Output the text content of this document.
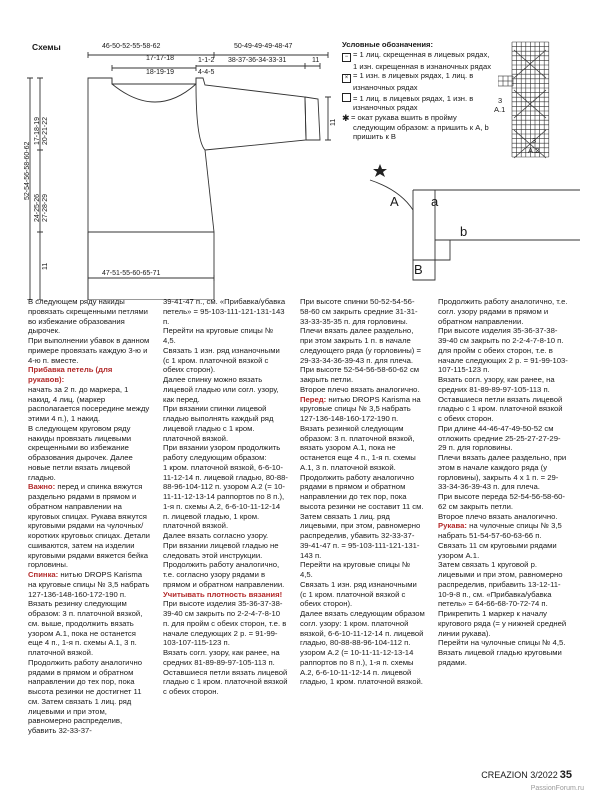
Схемы	46-50-52-55-58-62	50-49-49-49-48-47
17-17-18
18-19-19
1-1-2
4-4-5
38-37-36-34-33-31	11
47-51-55-60-65-71
52-54-56-58-60-62
17-18-19 20-21-22
24-25-26 27-28-29
11
11
Условные обозначения:
− = 1 лиц. скрещенная в лицевых рядах, 1 изн. скрещенная в изнаночных рядах
× = 1 изн. в лицевых рядах, 1 лиц. в изнаночных рядах
= 1 лиц. в лицевых рядах, 1 изн. в изнаночных рядах
✱= окат рукава вшить в пройму следующим образом: а пришить к А, b пришить к В
3
A.1
3
A.2
A a
b
B

В следующем ряду накиды провязать скрещенными петлями во избежание образования дырочек.

При выполнении убавок в данном примере провязать каждую 3-ю и 4-ю п. вместе.

Прибавка петель (для рукавов):

начать за 2 п. до маркера, 1 накид, 4 лиц. (маркер располагается посередине между этими 4 п.), 1 накид.

В следующем круговом ряду накиды провязать лицевыми скрещенными во избежание образования дырочек. Далее новые петли вязать лицевой гладью.

Важно: перед и спинка вяжутся раздельно рядами в прямом и обратном направлении на круговых спицах. Рукава вяжутся круговыми рядами на чулочных/коротких круговых спицах. Детали сшиваются, затем на изделии круговыми рядами вяжется бейка горловины.

Спинка: нитью DROPS Karisma на круговые спицы № 3,5 набрать 127-136-148-160-172-190 п.

Вязать резинку следующим образом: 3 п. платочной вязкой, см. выше, продолжить вязать узором A.1, пока не останется еще 4 п., 1-я п. схемы A.1, 3 п. платочной вязкой.

Продолжить работу аналогично рядами в прямом и обратном направлении до тех пор, пока высота резинки не достигнет 11 см. Затем связать 1 лиц. ряд лицевыми и при этом, равномерно распределив, убавить 32-33-37-

39-41-47 п., см. «Прибавка/убавка петель» = 95-103-111-121-131-143 п.

Перейти на круговые спицы № 4,5.

Связать 1 изн. ряд изнаночными (с 1 кром. платочной вязкой с обеих сторон).

Далее спинку можно вязать лицевой гладью или согл. узору, как перед.

При вязании спинки лицевой гладью выполнять каждый ряд лицевой гладью с 1 кром. платочной вязкой.

При вязании узором продолжить работу следующим образом:

1 кром. платочной вязкой, 6-6-10-11-12-14 п. лицевой гладью, 80-88-88-96-104-112 п. узором A.2 (= 10-11-11-12-13-14 раппортов по 8 п.), 1-я п. схемы A.2, 6-6-10-11-12-14 п. лицевой гладью, 1 кром. платочной вязкой.

Далее вязать согласно узору.

При вязании лицевой гладью не следовать этой инструкции.

Продолжить работу аналогично, т.е. согласно узору рядами в прямом и обратном направлении.

Учитывать плотность вязания!

При высоте изделия 35-36-37-38-39-40 см закрыть по 2-2-4-7-8-10 п. для пройм с обеих сторон, т.е. в начале следующих 2 р. = 91-99-103-107-115-123 п.

Вязать согл. узору, как ранее, на средних 81-89-89-97-105-113 п. Оставшиеся петли вязать лицевой гладью с 1 кром. платочной вязкой с обеих сторон.

При высоте спинки 50-52-54-56-58-60 см закрыть средние 31-31-33-33-35-35 п. для горловины.

Плечи вязать далее раздельно, при этом закрыть 1 п. в начале следующего ряда (у горловины) = 29-33-34-36-39-43 п. для плеча.

При высоте 52-54-56-58-60-62 см закрыть петли.

Второе плечо вязать аналогично.

Перед: нитью DROPS Karisma на круговые спицы № 3,5 набрать 127-136-148-160-172-190 п.

Вязать резинкой следующим образом: 3 п. платочной вязкой, вязать узором A.1, пока не останется еще 4 п., 1-я п. схемы A.1, 3 п. платочной вязкой.

Продолжить работу аналогично рядами в прямом и обратном направлении до тех пор, пока высота резинки не составит 11 см.

Затем связать 1 лиц. ряд лицевыми, при этом, равномерно распределив, убавить 32-33-37-39-41-47 п. = 95-103-111-121-131-143 п.

Перейти на круговые спицы № 4,5.

Связать 1 изн. ряд изнаночными (с 1 кром. платочной вязкой с обеих сторон).

Далее вязать следующим образом согл. узору: 1 кром. платочной вязкой, 6-6-10-11-12-14 п. лицевой гладью, 80-88-88-96-104-112 п. узором A.2 (= 10-11-11-12-13-14 раппортов по 8 п.), 1-я п. схемы A.2, 6-6-10-11-12-14 п. лицевой гладью, 1 кром. платочной вязкой.

Продолжить работу аналогично, т.е. согл. узору рядами в прямом и обратном направлении.

При высоте изделия 35-36-37-38-39-40 см закрыть по 2-2-4-7-8-10 п. для пройм с обеих сторон, т.е. в начале следующих 2 р. = 91-99-103-107-115-123 п.

Вязать согл. узору, как ранее, на средних 81-89-89-97-105-113 п. Оставшиеся петли вязать лицевой гладью с 1 кром. платочной вязкой с обеих сторон.

При длине 44-46-47-49-50-52 см отложить средние 25-25-27-27-29-29 п. для горловины.

Плечи вязать далее раздельно, при этом в начале каждого ряда (у горловины), закрыть 4 х 1 п. = 29-33-34-36-39-43 п. для плеча.

При высоте переда 52-54-56-58-60-62 см закрыть петли.

Второе плечо вязать аналогично.

Рукава: на чулочные спицы № 3,5 набрать 51-54-57-60-63-66 п.

Связать 11 см круговыми рядами узором A.1.

Затем связать 1 круговой р. лицевыми и при этом, равномерно распределив, прибавить 13-12-11-10-9-8 п., см. «Прибавка/убавка петель» = 64-66-68-70-72-74 п.

Прикрепить 1 маркер к началу кругового ряда (= у нижней средней линии рукава).

Перейти на чулочные спицы № 4,5.

Вязать лицевой гладью круговыми рядами.

CREAZION 3/2022 35
PassionForum.ru
